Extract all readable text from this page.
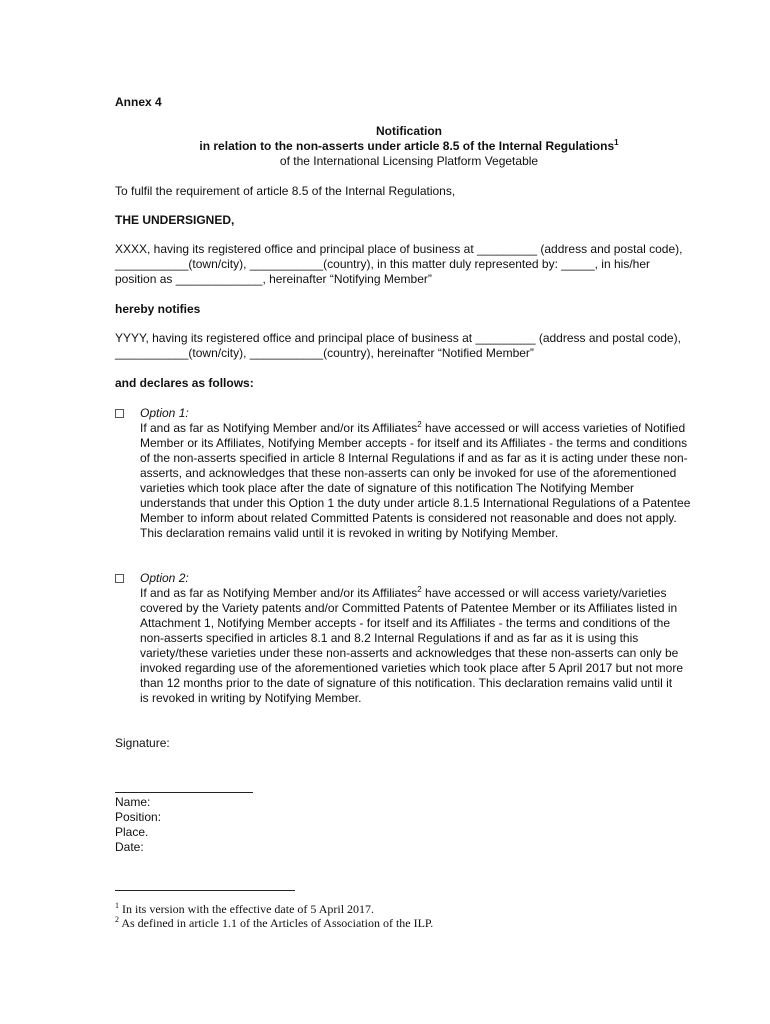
Annex 4
Notification
in relation to the non-asserts under article 8.5 of the Internal Regulations$^1$
of the International Licensing Platform Vegetable
To fulfil the requirement of article 8.5 of the Internal Regulations,
THE UNDERSIGNED,
XXXX, having its registered office and principal place of business at _________ (address and postal code),
___________(town/city), ___________(country), in this matter duly represented by: _____, in his/her
position as _____________, hereinafter “Notifying Member”
hereby notifies
YYYY, having its registered office and principal place of business at _________ (address and postal code),
___________(town/city), ___________(country), hereinafter “Notified Member”
and declares as follows:
Option 1:
If and as far as Notifying Member and/or its Affiliates$^2$ have accessed or will access varieties of Notified
Member or its Affiliates, Notifying Member accepts - for itself and its Affiliates - the terms and conditions
of the non-asserts specified in article 8 Internal Regulations if and as far as it is acting under these non-
asserts, and acknowledges that these non-asserts can only be invoked for use of the aforementioned
varieties which took place after the date of signature of this notification The Notifying Member
understands that under this Option 1 the duty under article 8.1.5 International Regulations of a Patentee
Member to inform about related Committed Patents is considered not reasonable and does not apply.
This declaration remains valid until it is revoked in writing by Notifying Member.
Option 2:
If and as far as Notifying Member and/or its Affiliates$^2$ have accessed or will access variety/varieties
covered by the Variety patents and/or Committed Patents of Patentee Member or its Affiliates listed in
Attachment 1, Notifying Member accepts - for itself and its Affiliates - the terms and conditions of the
non-asserts specified in articles 8.1 and 8.2 Internal Regulations if and as far as it is using this
variety/these varieties under these non-asserts and acknowledges that these non-asserts can only be
invoked regarding use of the aforementioned varieties which took place after 5 April 2017 but not more
than 12 months prior to the date of signature of this notification. This declaration remains valid until it
is revoked in writing by Notifying Member.
Signature:
Name:
Position:
Place.
Date:
$^1$ In its version with the effective date of 5 April 2017.
$^2$ As defined in article 1.1 of the Articles of Association of the ILP.
